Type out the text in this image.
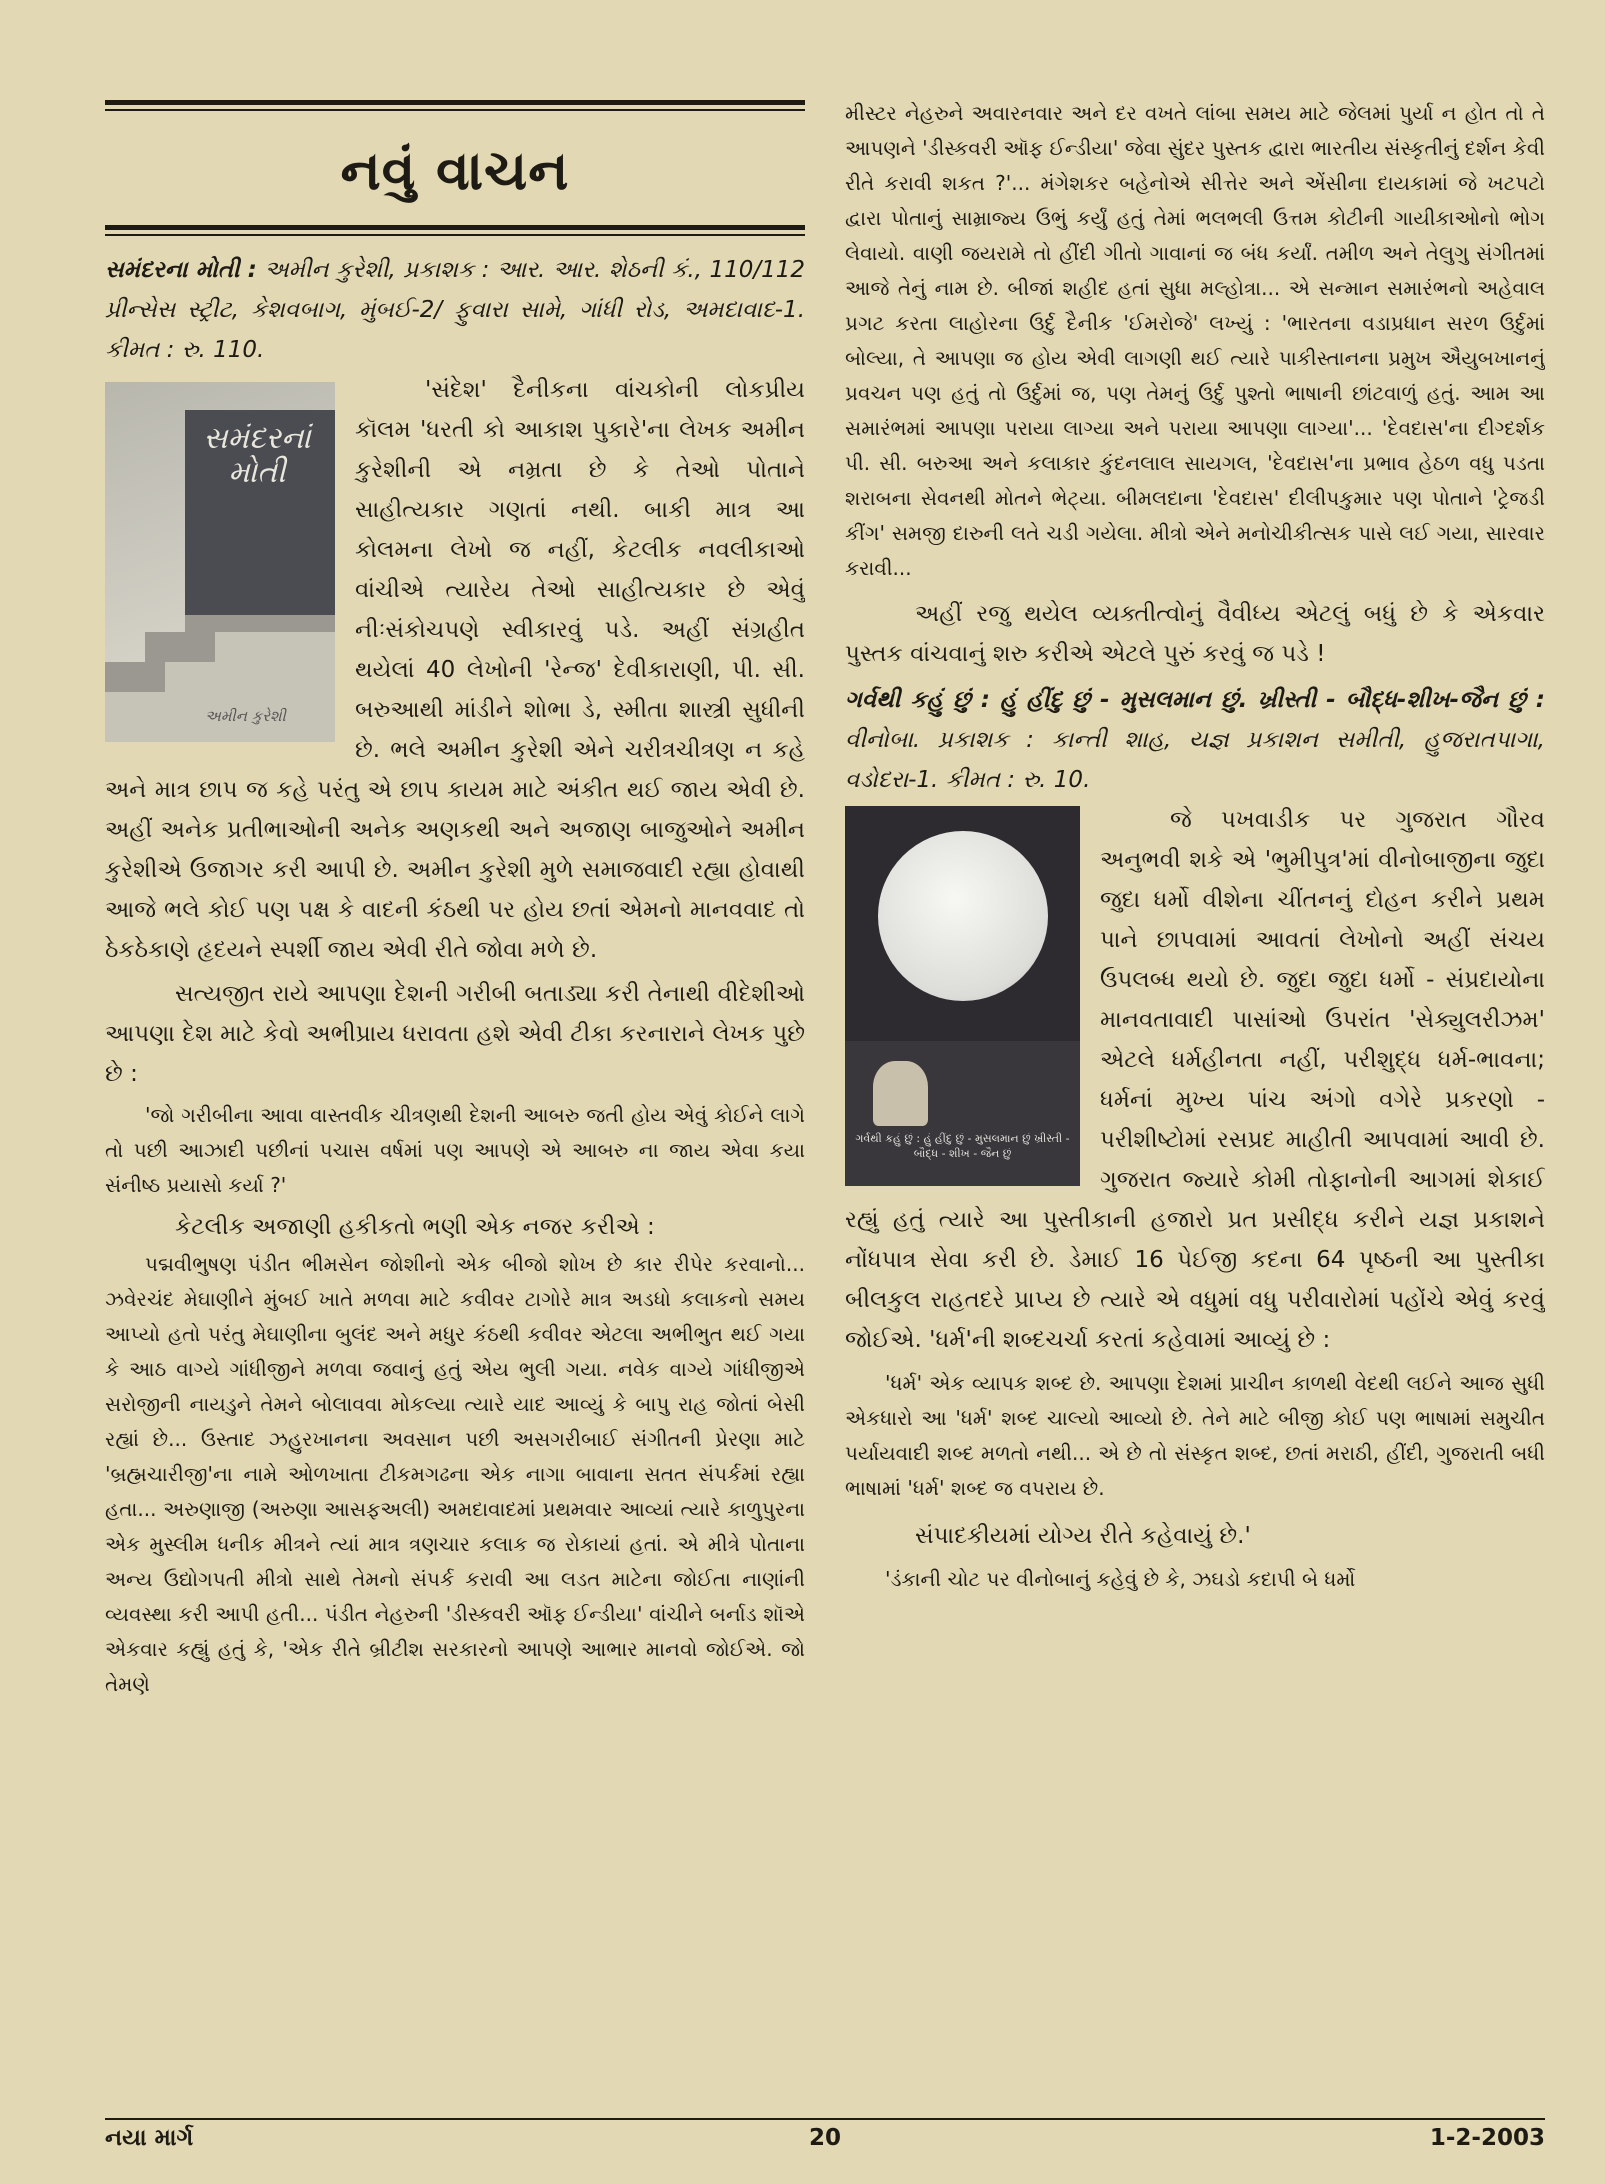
નવું વાચન

સમંદરના મોતી : અમીન કુરેશી, પ્રકાશક : આર. આર. શેઠની કં., 110/112 પ્રીન્સેસ સ્ટ્રીટ, કેશવબાગ, મુંબઈ-2/ ફુવારા સામે, ગાંધી રોડ, અમદાવાદ-1. કીમત : રુ. 110.

સમંદરનાં મોતી
અમીન કુરેશી

'સંદેશ' દૈનીકના વાંચકોની લોકપ્રીય કૉલમ 'ધરતી કો આકાશ પુકારે'ના લેખક અમીન કુરેશીની એ નમ્રતા છે કે તેઓ પોતાને સાહીત્યકાર ગણતાં નથી. બાકી માત્ર આ કોલમના લેખો જ નહીં, કેટલીક નવલીકાઓ વાંચીએ ત્યારેય તેઓ સાહીત્યકાર છે એવું નીઃસંકોચપણે સ્વીકારવું પડે. અહીં સંગ્રહીત થયેલાં 40 લેખોની 'રેન્જ' દેવીકારાણી, પી. સી. બરુઆથી માંડીને શોભા ડે, સ્મીતા શાસ્ત્રી સુધીની છે. ભલે અમીન કુરેશી એને ચરીત્રચીત્રણ ન કહે અને માત્ર છાપ જ કહે પરંતુ એ છાપ કાયમ માટે અંકીત થઈ જાય એવી છે. અહીં અનેક પ્રતીભાઓની અનેક અણકથી અને અજાણ બાજુઓને અમીન કુરેશીએ ઉજાગર કરી આપી છે. અમીન કુરેશી મુળે સમાજવાદી રહ્યા હોવાથી આજે ભલે કોઈ પણ પક્ષ કે વાદની કંઠથી પર હોય છતાં એમનો માનવવાદ તો ઠેકઠેકાણે હૃદયને સ્પર્શી જાય એવી રીતે જોવા મળે છે.

સત્યજીત રાયે આપણા દેશની ગરીબી બતાડ્યા કરી તેનાથી વીદેશીઓ આપણા દેશ માટે કેવો અભીપ્રાય ધરાવતા હશે એવી ટીકા કરનારાને લેખક પુછે છે :

'જો ગરીબીના આવા વાસ્તવીક ચીત્રણથી દેશની આબરુ જતી હોય એવું કોઈને લાગે તો પછી આઝાદી પછીનાં પચાસ વર્ષમાં પણ આપણે એ આબરુ ના જાય એવા કયા સંનીષ્ઠ પ્રયાસો કર્યા ?'

કેટલીક અજાણી હકીકતો ભણી એક નજર કરીએ :

પદ્મવીભુષણ પંડીત ભીમસેન જોશીનો એક બીજો શોખ છે કાર રીપેર કરવાનો... ઝવેરચંદ મેઘાણીને મુંબઈ ખાતે મળવા માટે કવીવર ટાગોરે માત્ર અડધો કલાકનો સમય આપ્યો હતો પરંતુ મેઘાણીના બુલંદ અને મધુર કંઠથી કવીવર એટલા અભીભુત થઈ ગયા કે આઠ વાગ્યે ગાંધીજીને મળવા જવાનું હતું એય ભુલી ગયા. નવેક વાગ્યે ગાંધીજીએ સરોજીની નાયડુને તેમને બોલાવવા મોકલ્યા ત્યારે યાદ આવ્યું કે બાપુ રાહ જોતાં બેસી રહ્યાં છે... ઉસ્તાદ ઝહુરખાનના અવસાન પછી અસગરીબાઈ સંગીતની પ્રેરણા માટે 'બ્રહ્મચારીજી'ના નામે ઓળખાતા ટીકમગઢના એક નાગા બાવાના સતત સંપર્કમાં રહ્યા હતા... અરુણાજી (અરુણા આસફઅલી) અમદાવાદમાં પ્રથમવાર આવ્યાં ત્યારે કાળુપુરના એક મુસ્લીમ ધનીક મીત્રને ત્યાં માત્ર ત્રણચાર કલાક જ રોકાયાં હતાં. એ મીત્રે પોતાના અન્ય ઉદ્યોગપતી મીત્રો સાથે તેમનો સંપર્ક કરાવી આ લડત માટેના જોઈતા નાણાંની વ્યવસ્થા કરી આપી હતી... પંડીત નેહરુની 'ડીસ્કવરી ઑફ ઈન્ડીયા' વાંચીને બર્નાડ શૉએ એકવાર કહ્યું હતું કે, 'એક રીતે બ્રીટીશ સરકારનો આપણે આભાર માનવો જોઈએ. જો તેમણે

મીસ્ટર નેહરુને અવારનવાર અને દર વખતે લાંબા સમય માટે જેલમાં પુર્યા ન હોત તો તે આપણને 'ડીસ્કવરી ઑફ ઈન્ડીયા' જેવા સુંદર પુસ્તક દ્વારા ભારતીય સંસ્કૃતીનું દર્શન કેવી રીતે કરાવી શકત ?'... મંગેશકર બહેનોએ સીત્તેર અને એંસીના દાયકામાં જે ખટપટો દ્વારા પોતાનું સામ્રાજ્ય ઉભું કર્યું હતું તેમાં ભલભલી ઉત્તમ કોટીની ગાયીકાઓનો ભોગ લેવાયો. વાણી જયરામે તો હીંદી ગીતો ગાવાનાં જ બંધ કર્યાં. તમીળ અને તેલુગુ સંગીતમાં આજે તેનું નામ છે. બીજાં શહીદ હતાં સુધા મલ્હોત્રા... એ સન્માન સમારંભનો અહેવાલ પ્રગટ કરતા લાહોરના ઉર્દુ દૈનીક 'ઈમરોજે' લખ્યું : 'ભારતના વડાપ્રધાન સરળ ઉર્દુમાં બોલ્યા, તે આપણા જ હોય એવી લાગણી થઈ ત્યારે પાકીસ્તાનના પ્રમુખ ઐયુબખાનનું પ્રવચન પણ હતું તો ઉર્દુમાં જ, પણ તેમનું ઉર્દુ પુશ્તો ભાષાની છાંટવાળું હતું. આમ આ સમારંભમાં આપણા પરાયા લાગ્યા અને પરાયા આપણા લાગ્યા'... 'દેવદાસ'ના દીગ્દર્શક પી. સી. બરુઆ અને કલાકાર કુંદનલાલ સાયગલ, 'દેવદાસ'ના પ્રભાવ હેઠળ વધુ પડતા શરાબના સેવનથી મોતને ભેટ્યા. બીમલદાના 'દેવદાસ' દીલીપકુમાર પણ પોતાને 'ટ્રેજડી કીંગ' સમજી દારુની લતે ચડી ગયેલા. મીત્રો એને મનોચીકીત્સક પાસે લઈ ગયા, સારવાર કરાવી...

અહીં રજુ થયેલ વ્યક્તીત્વોનું વૈવીધ્ય એટલું બધું છે કે એકવાર પુસ્તક વાંચવાનું શરુ કરીએ એટલે પુરું કરવું જ પડે !

ગર્વથી કહું છું : હું હીંદુ છું - મુસલમાન છું. ખ્રીસ્તી - બૌદ્ધ-શીખ-જૈન છું : વીનોબા. પ્રકાશક : કાન્તી શાહ, યજ્ઞ પ્રકાશન સમીતી, હુજરાતપાગા, વડોદરા-1. કીમત : રુ. 10.

ગર્વથી કહું છું : હું હીંદુ છું - મુસલમાન છું ખ્રીસ્તી - બૌદ્ધ - શીખ - જૈન છું

જે પખવાડીક પર ગુજરાત ગૌરવ અનુભવી શકે એ 'ભુમીપુત્ર'માં વીનોબાજીના જુદા જુદા ધર્મો વીશેના ચીંતનનું દોહન કરીને પ્રથમ પાને છાપવામાં આવતાં લેખોનો અહીં સંચય ઉપલબ્ધ થયો છે. જુદા જુદા ધર્મો - સંપ્રદાયોના માનવતાવાદી પાસાંઓ ઉપરાંત 'સેક્યુલરીઝમ' એટલે ધર્મહીનતા નહીં, પરીશુદ્ધ ધર્મ-ભાવના; ધર્મનાં મુખ્ય પાંચ અંગો વગેરે પ્રકરણો - પરીશીષ્ટોમાં રસપ્રદ માહીતી આપવામાં આવી છે. ગુજરાત જ્યારે કોમી તોફાનોની આગમાં શેકાઈ રહ્યું હતું ત્યારે આ પુસ્તીકાની હજારો પ્રત પ્રસીદ્ધ કરીને યજ્ઞ પ્રકાશને નોંધપાત્ર સેવા કરી છે. ડેમાઈ 16 પેઈજી કદના 64 પૃષ્ઠની આ પુસ્તીકા બીલકુલ રાહતદરે પ્રાપ્ય છે ત્યારે એ વધુમાં વધુ પરીવારોમાં પહોંચે એવું કરવું જોઈએ. 'ધર્મ'ની શબ્દચર્ચા કરતાં કહેવામાં આવ્યું છે :

'ધર્મ' એક વ્યાપક શબ્દ છે. આપણા દેશમાં પ્રાચીન કાળથી વેદથી લઈને આજ સુધી એકધારો આ 'ધર્મ' શબ્દ ચાલ્યો આવ્યો છે. તેને માટે બીજી કોઈ પણ ભાષામાં સમુચીત પર્યાયવાદી શબ્દ મળતો નથી... એ છે તો સંસ્કૃત શબ્દ, છતાં મરાઠી, હીંદી, ગુજરાતી બધી ભાષામાં 'ધર્મ' શબ્દ જ વપરાય છે.

સંપાદકીયમાં યોગ્ય રીતે કહેવાયું છે.'

'ડંકાની ચોટ પર વીનોબાનું કહેવું છે કે, ઝઘડો કદાપી બે ધર્મો

નયા માર્ગ	20	1-2-2003
